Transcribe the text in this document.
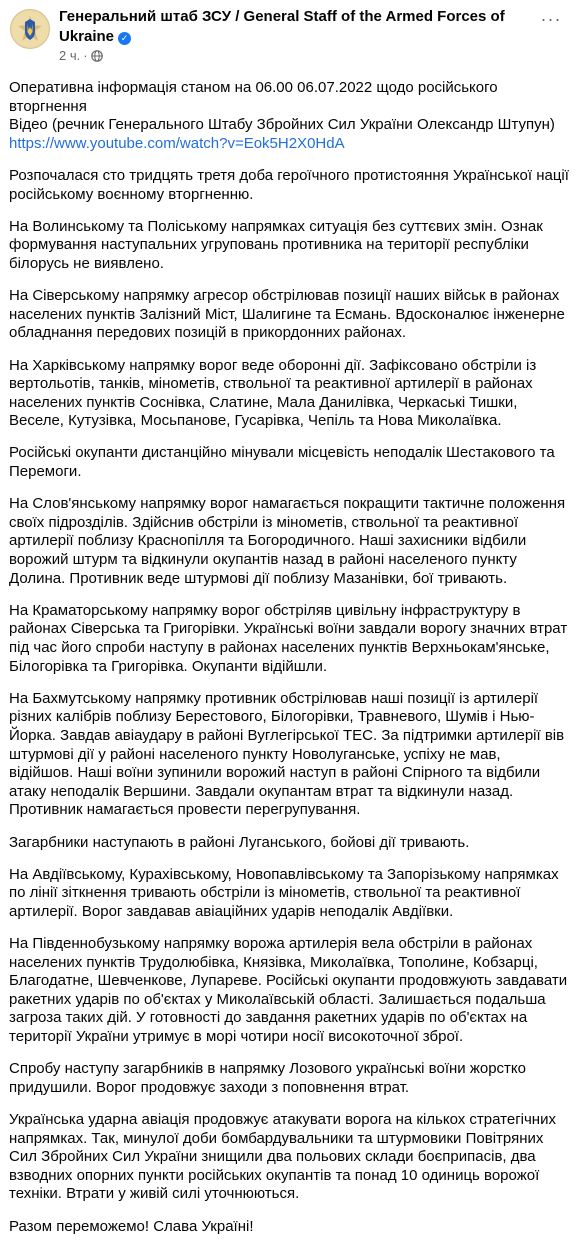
Генеральний штаб ЗСУ / General Staff of the Armed Forces of Ukraine ✓
2 ч. ·
···

Оперативна інформація станом на 06.00 06.07.2022 щодо російського вторгнення

Відео (речник Генерального Штабу Збройних Сил України Олександр Штупун)

https://www.youtube.com/watch?v=Eok5H2X0HdA

Розпочалася сто тридцять третя доба героїчного протистояння Української нації російському воєнному вторгненню.

На Волинському та Поліському напрямках ситуація без суттєвих змін. Ознак формування наступальних угруповань противника на території республіки білорусь не виявлено.

На Сіверському напрямку агресор обстрілював позиції наших військ в районах населених пунктів Залізний Міст, Шалигине та Есмань. Вдосконалює інженерне обладнання передових позицій в прикордонних районах.

На Харківському напрямку ворог веде оборонні дії. Зафіксовано обстріли із вертольотів, танків, мінометів, ствольної та реактивної артилерії в районах населених пунктів Соснівка, Слатине, Мала Данилівка, Черкаські Тишки, Веселе, Кутузівка, Мосьпанове, Гусарівка, Чепіль та Нова Миколаївка.

Російські окупанти дистанційно мінували місцевість неподалік Шестакового та Перемоги.

На Слов'янському напрямку ворог намагається покращити тактичне положення своїх підрозділів. Здійснив обстріли із мінометів, ствольної та реактивної артилерії поблизу Краснопілля та Богородичного. Наші захисники відбили ворожий штурм та відкинули окупантів назад в районі населеного пункту Долина. Противник веде штурмові дії поблизу Мазанівки, бої тривають.

На Краматорському напрямку ворог обстріляв цивільну інфраструктуру в районах Сіверська та Григорівки. Українські воїни завдали ворогу значних втрат під час його спроби наступу в районах населених пунктів Верхньокам'янське, Білогорівка та Григорівка. Окупанти відійшли.

На Бахмутському напрямку противник обстрілював наші позиції із артилерії різних калібрів поблизу Берестового, Білогорівки, Травневого, Шумів і Нью-Йорка. Завдав авіаудару в районі Вуглегірської ТЕС. За підтримки артилерії вів штурмові дії у районі населеного пункту Новолуганське, успіху не мав, відійшов. Наші воїни зупинили ворожий наступ в районі Спірного та відбили атаку неподалік Вершини. Завдали окупантам втрат та відкинули назад. Противник намагається провести перегрупування.

Загарбники наступають в районі Луганського, бойові дії тривають.

На Авдіївському, Курахівському, Новопавлівському та Запорізькому напрямках по лінії зіткнення тривають обстріли із мінометів, ствольної та реактивної артилерії. Ворог завдавав авіаційних ударів неподалік Авдіївки.

На Південнобузькому напрямку ворожа артилерія вела обстріли в районах населених пунктів Трудолюбівка, Князівка, Миколаївка, Тополине, Кобзарці, Благодатне, Шевченкове, Лупареве. Російські окупанти продовжують завдавати ракетних ударів по об'єктах у Миколаївській області. Залишається подальша загроза таких дій. У готовності до завдання ракетних ударів по об'єктах на території України утримує в морі чотири носії високоточної зброї.

Спробу наступу загарбників в напрямку Лозового українські воїни жорстко придушили. Ворог продовжує заходи з поповнення втрат.

Українська ударна авіація продовжує атакувати ворога на кількох стратегічних напрямках. Так, минулої доби бомбардувальники та штурмовики Повітряних Сил Збройних Сил України знищили два польових склади боєприпасів, два взводних опорних пункти російських окупантів та понад 10 одиниць ворожої техніки. Втрати у живій силі уточнюються.

Разом переможемо! Слава Україні!
